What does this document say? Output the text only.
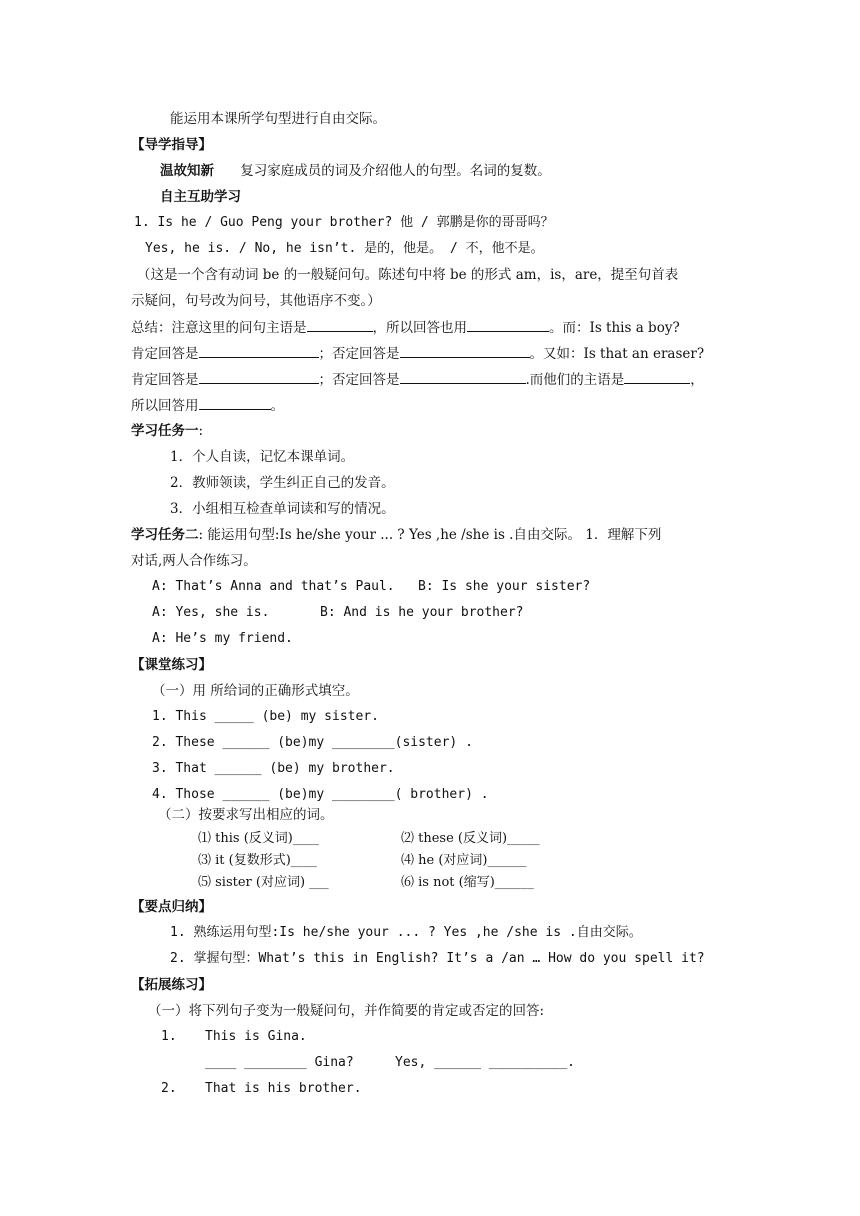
能运用本课所学句型进行自由交际。
【导学指导】
温故知新 复习家庭成员的词及介绍他人的句型。名词的复数。
自主互助学习
1. Is he / Guo Peng your brother? 他 / 郭鹏是你的哥哥吗？
Yes, he is. / No, he isn’t. 是的，他是。 / 不，他不是。
（这是一个含有动词 be 的一般疑问句。陈述句中将 be 的形式 am，is，are，提至句首表
示疑问，句号改为问号，其他语序不变。）
总结：注意这里的问句主语是	，所以回答也用	。而：Is this a boy?
肯定回答是	；否定回答是	。又如：Is that an eraser?
肯定回答是	；否定回答是	.而他们的主语是	，
所以回答用	。
学习任务一:
1．个人自读，记忆本课单词。
2．教师领读，学生纠正自己的发音。
3．小组相互检查单词读和写的情况。
学习任务二: 能运用句型:Is he/she your ... ? Yes ,he /she is .自由交际。 1．理解下列
对话,两人合作练习。
A: That’s Anna and that’s Paul. B: Is she your sister?
A: Yes, she is.	B: And is he your brother?
A: He’s my friend.
【课堂练习】
（一）用 所给词的正确形式填空。
1. This _____ (be) my sister.
2. These ______ (be)my ________(sister) .
3. That ______ (be) my brother.
4. Those ______ (be)my ________( brother) .
（二）按要求写出相应的词。
⑴ this (反义词)____	⑵ these (反义词)_____
⑶ it (复数形式)____	⑷ he (对应词)______
⑸ sister (对应词) ___	⑹ is not (缩写)______
【要点归纳】
1. 熟练运用句型:Is he/she your ... ? Yes ,he /she is .自由交际。
2. 掌握句型：What’s this in English? It’s a /an … How do you spell it?
【拓展练习】
（一）将下列句子变为一般疑问句，并作简要的肯定或否定的回答:
1. This is Gina.
____ ________ Gina?	Yes, ______ __________.
2. That is his brother.
